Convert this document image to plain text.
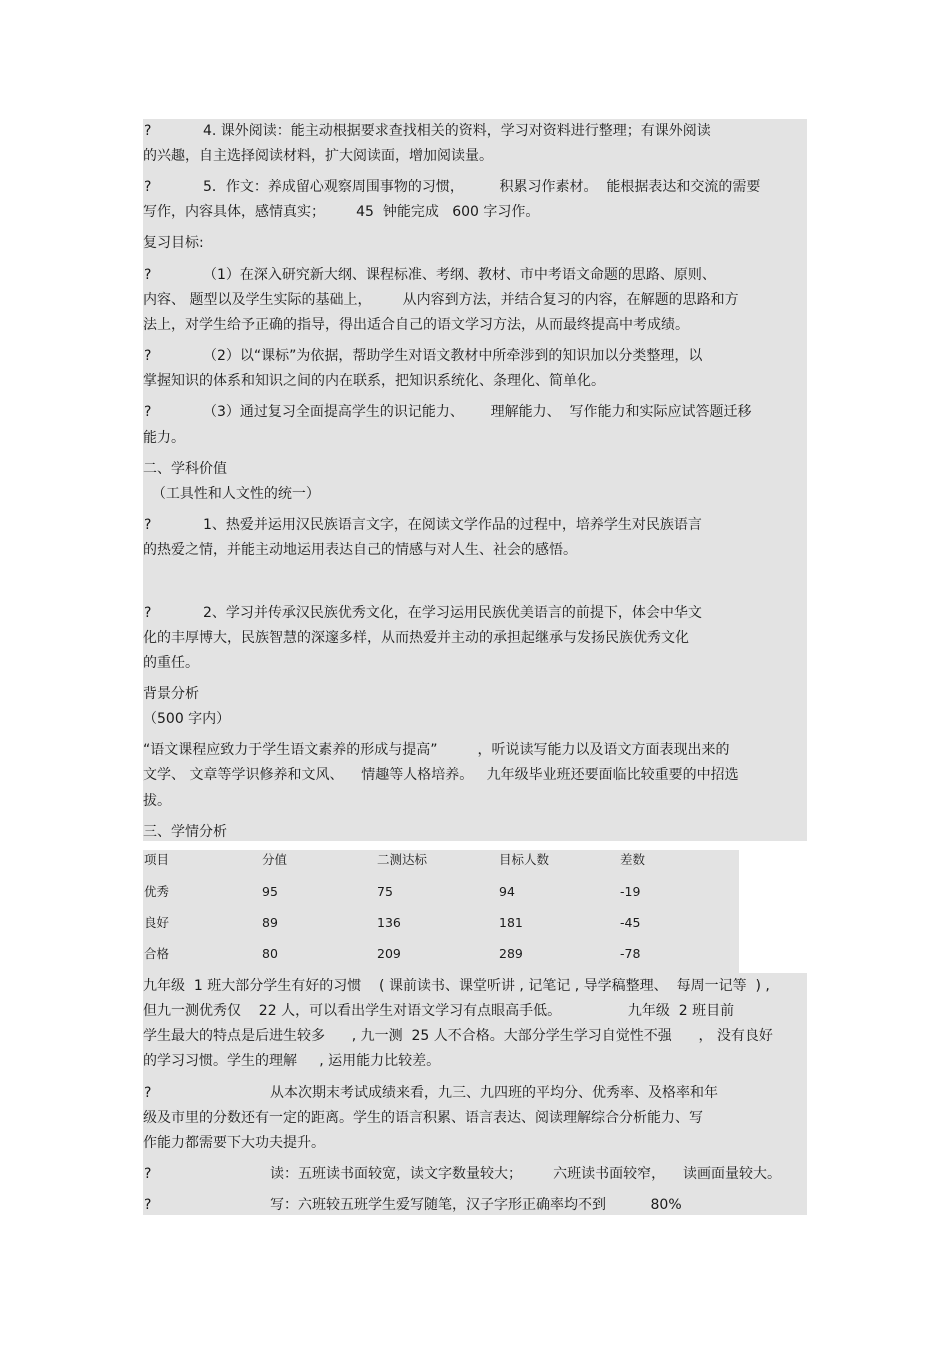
?	4. 课外阅读：能主动根据要求查找相关的资料，学习对资料进行整理；有课外阅读
的兴趣，自主选择阅读材料，扩大阅读面，增加阅读量。
?	5．作文：养成留心观察周围事物的习惯，        积累习作素材。  能根据表达和交流的需要
写作，内容具体，感情真实；       45  钟能完成   600 字习作。
复习目标:
?	（1）在深入研究新大纲、课程标准、考纲、教材、市中考语文命题的思路、原则、
内容、 题型以及学生实际的基础上，       从内容到方法，并结合复习的内容，在解题的思路和方
法上，对学生给予正确的指导，得出适合自己的语文学习方法，从而最终提高中考成绩。
?	（2）以“课标”为依据，帮助学生对语文教材中所牵涉到的知识加以分类整理，以
掌握知识的体系和知识之间的内在联系，把知识系统化、条理化、简单化。
?	（3）通过复习全面提高学生的识记能力、      理解能力、  写作能力和实际应试答题迁移
能力。
二、学科价值
（工具性和人文性的统一）
?	1、热爱并运用汉民族语言文字，在阅读文学作品的过程中，培养学生对民族语言
的热爱之情，并能主动地运用表达自己的情感与对人生、社会的感悟。
?	2、学习并传承汉民族优秀文化，在学习运用民族优美语言的前提下，体会中华文
化的丰厚博大，民族智慧的深邃多样，从而热爱并主动的承担起继承与发扬民族优秀文化
的重任。
背景分析
（500 字内）
“语文课程应致力于学生语文素养的形成与提高”         ，听说读写能力以及语文方面表现出来的
文学、 文章等学识修养和文风、    情趣等人格培养。   九年级毕业班还要面临比较重要的中招选
拔。
三、学情分析
项目	分值	二测达标	目标人数	差数
优秀	95	75	94	-19
良好	89	136	181	-45
合格	80	209	289	-78
九年级  1 班大部分学生有好的习惯    ( 课前读书、课堂听讲 , 记笔记 , 导学稿整理、  每周一记等  ) ,
但九一测优秀仅    22 人，可以看出学生对语文学习有点眼高手低。               九年级  2 班目前
学生最大的特点是后进生较多      , 九一测  25 人不合格。大部分学生学习自觉性不强      ， 没有良好
的学习习惯。学生的理解     , 运用能力比较差。
?	从本次期末考试成绩来看，九三、九四班的平均分、优秀率、及格率和年
级及市里的分数还有一定的距离。学生的语言积累、语言表达、阅读理解综合分析能力、写
作能力都需要下大功夫提升。
?	读：五班读书面较宽，读文字数量较大；       六班读书面较窄，    读画面量较大。
?	写：六班较五班学生爱写随笔，汉子字形正确率均不到          80%
